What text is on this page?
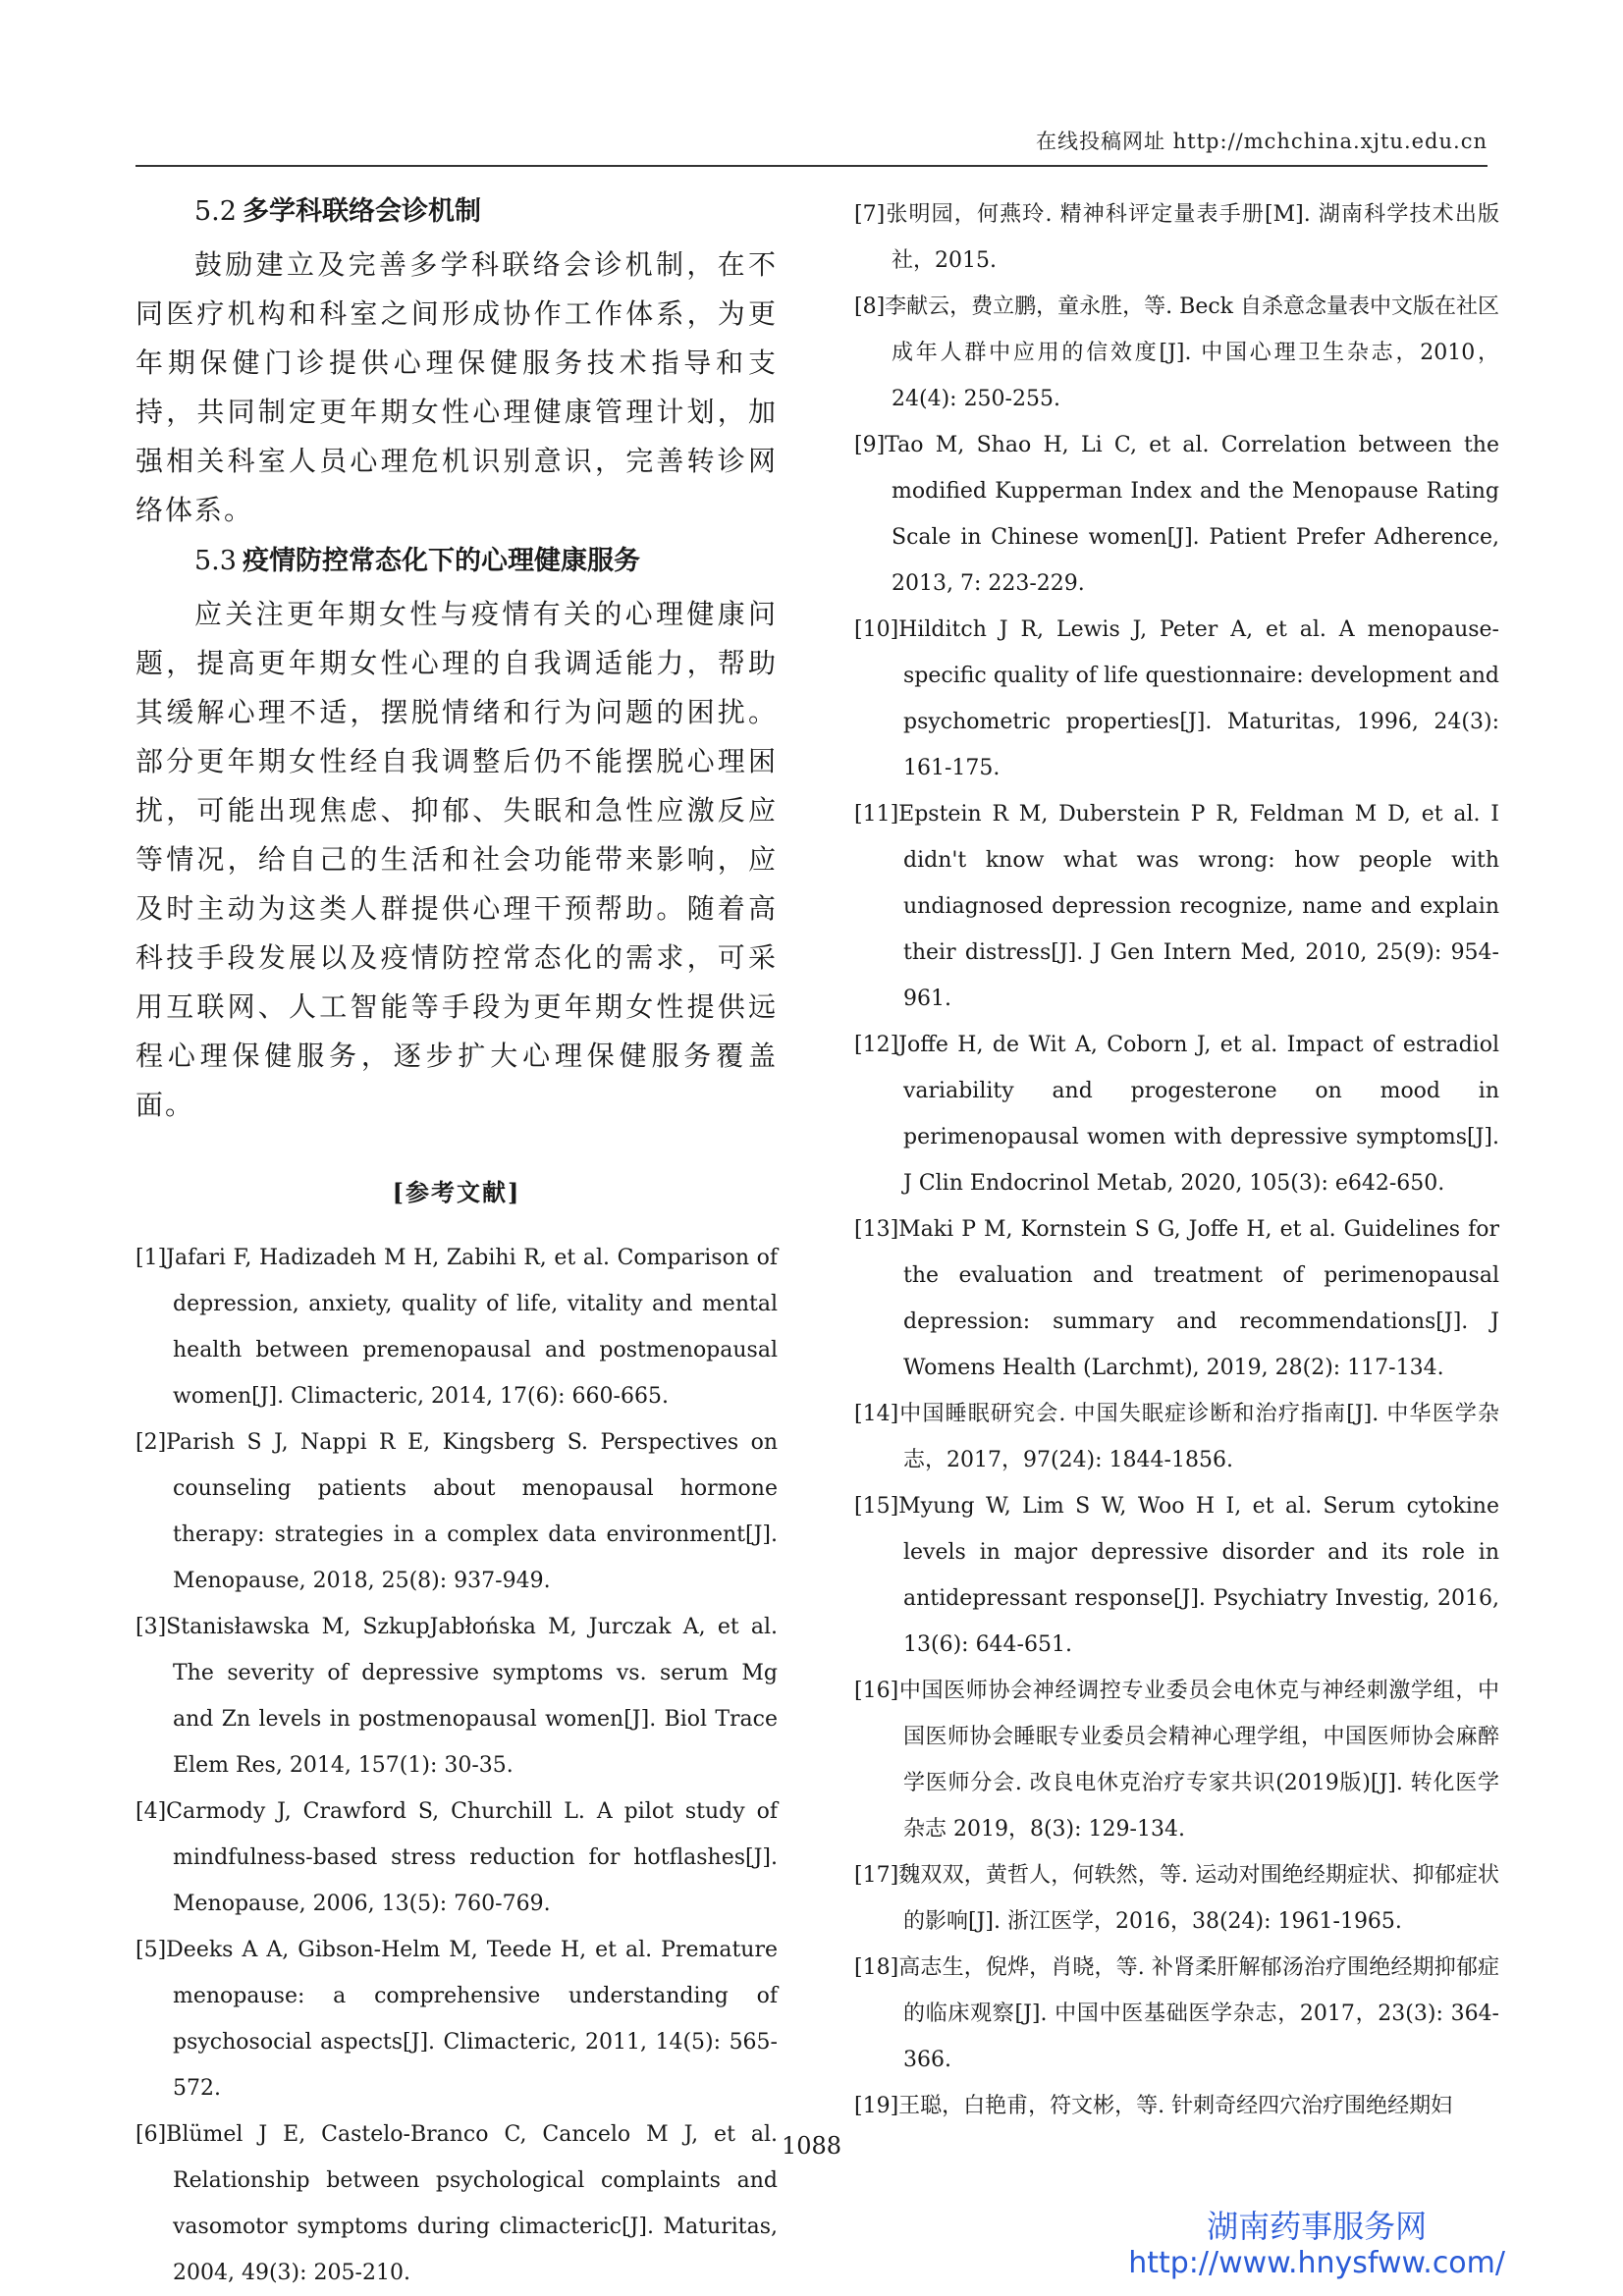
在线投稿网址 http://mchchina.xjtu.edu.cn
5.2 多学科联络会诊机制

鼓励建立及完善多学科联络会诊机制，在不同医疗机构和科室之间形成协作工作体系，为更年期保健门诊提供心理保健服务技术指导和支持，共同制定更年期女性心理健康管理计划，加强相关科室人员心理危机识别意识，完善转诊网络体系。

5.3 疫情防控常态化下的心理健康服务

应关注更年期女性与疫情有关的心理健康问题，提高更年期女性心理的自我调适能力，帮助其缓解心理不适，摆脱情绪和行为问题的困扰。部分更年期女性经自我调整后仍不能摆脱心理困扰，可能出现焦虑、抑郁、失眠和急性应激反应等情况，给自己的生活和社会功能带来影响，应及时主动为这类人群提供心理干预帮助。随着高科技手段发展以及疫情防控常态化的需求，可采用互联网、人工智能等手段为更年期女性提供远程心理保健服务，逐步扩大心理保健服务覆盖面。

[参考文献]

[1]Jafari F, Hadizadeh M H, Zabihi R, et al. Comparison of depression, anxiety, quality of life, vitality and mental health between premenopausal and postmenopausal women[J]. Climacteric, 2014, 17(6): 660-665.

[2]Parish S J, Nappi R E, Kingsberg S. Perspectives on counseling patients about menopausal hormone therapy: strategies in a complex data environment[J]. Menopause, 2018, 25(8): 937-949.

[3]Stanisławska M, SzkupJabłońska M, Jurczak A, et al. The severity of depressive symptoms vs. serum Mg and Zn levels in postmenopausal women[J]. Biol Trace Elem Res, 2014, 157(1): 30-35.

[4]Carmody J, Crawford S, Churchill L. A pilot study of mindfulness-based stress reduction for hotflashes[J]. Menopause, 2006, 13(5): 760-769.

[5]Deeks A A, Gibson-Helm M, Teede H, et al. Premature menopause: a comprehensive understanding of psychosocial aspects[J]. Climacteric, 2011, 14(5): 565-572.

[6]Blümel J E, Castelo-Branco C, Cancelo M J, et al. Relationship between psychological complaints and vasomotor symptoms during climacteric[J]. Maturitas, 2004, 49(3): 205-210.

[7]张明园，何燕玲. 精神科评定量表手册[M]. 湖南科学技术出版社，2015.

[8]李献云，费立鹏，童永胜，等. Beck 自杀意念量表中文版在社区成年人群中应用的信效度[J]. 中国心理卫生杂志，2010，24(4): 250-255.

[9]Tao M, Shao H, Li C, et al. Correlation between the modified Kupperman Index and the Menopause Rating Scale in Chinese women[J]. Patient Prefer Adherence, 2013, 7: 223-229.

[10]Hilditch J R, Lewis J, Peter A, et al. A menopause-specific quality of life questionnaire: development and psychometric properties[J]. Maturitas, 1996, 24(3): 161-175.

[11]Epstein R M, Duberstein P R, Feldman M D, et al. I didn't know what was wrong: how people with undiagnosed depression recognize, name and explain their distress[J]. J Gen Intern Med, 2010, 25(9): 954-961.

[12]Joffe H, de Wit A, Coborn J, et al. Impact of estradiol variability and progesterone on mood in perimenopausal women with depressive symptoms[J]. J Clin Endocrinol Metab, 2020, 105(3): e642-650.

[13]Maki P M, Kornstein S G, Joffe H, et al. Guidelines for the evaluation and treatment of perimenopausal depression: summary and recommendations[J]. J Womens Health (Larchmt), 2019, 28(2): 117-134.

[14]中国睡眠研究会. 中国失眠症诊断和治疗指南[J]. 中华医学杂志，2017，97(24): 1844-1856.

[15]Myung W, Lim S W, Woo H I, et al. Serum cytokine levels in major depressive disorder and its role in antidepressant response[J]. Psychiatry Investig, 2016, 13(6): 644-651.

[16]中国医师协会神经调控专业委员会电休克与神经刺激学组，中国医师协会睡眠专业委员会精神心理学组，中国医师协会麻醉学医师分会. 改良电休克治疗专家共识(2019版)[J]. 转化医学杂志 2019，8(3): 129-134.

[17]魏双双，黄哲人，何轶然，等. 运动对围绝经期症状、抑郁症状的影响[J]. 浙江医学，2016，38(24): 1961-1965.

[18]高志生，倪烨，肖晓，等. 补肾柔肝解郁汤治疗围绝经期抑郁症的临床观察[J]. 中国中医基础医学杂志，2017，23(3): 364-366.

[19]王聪，白艳甫，符文彬，等. 针刺奇经四穴治疗围绝经期妇

1088
湖南药事服务网
http://www.hnysfww.com/
